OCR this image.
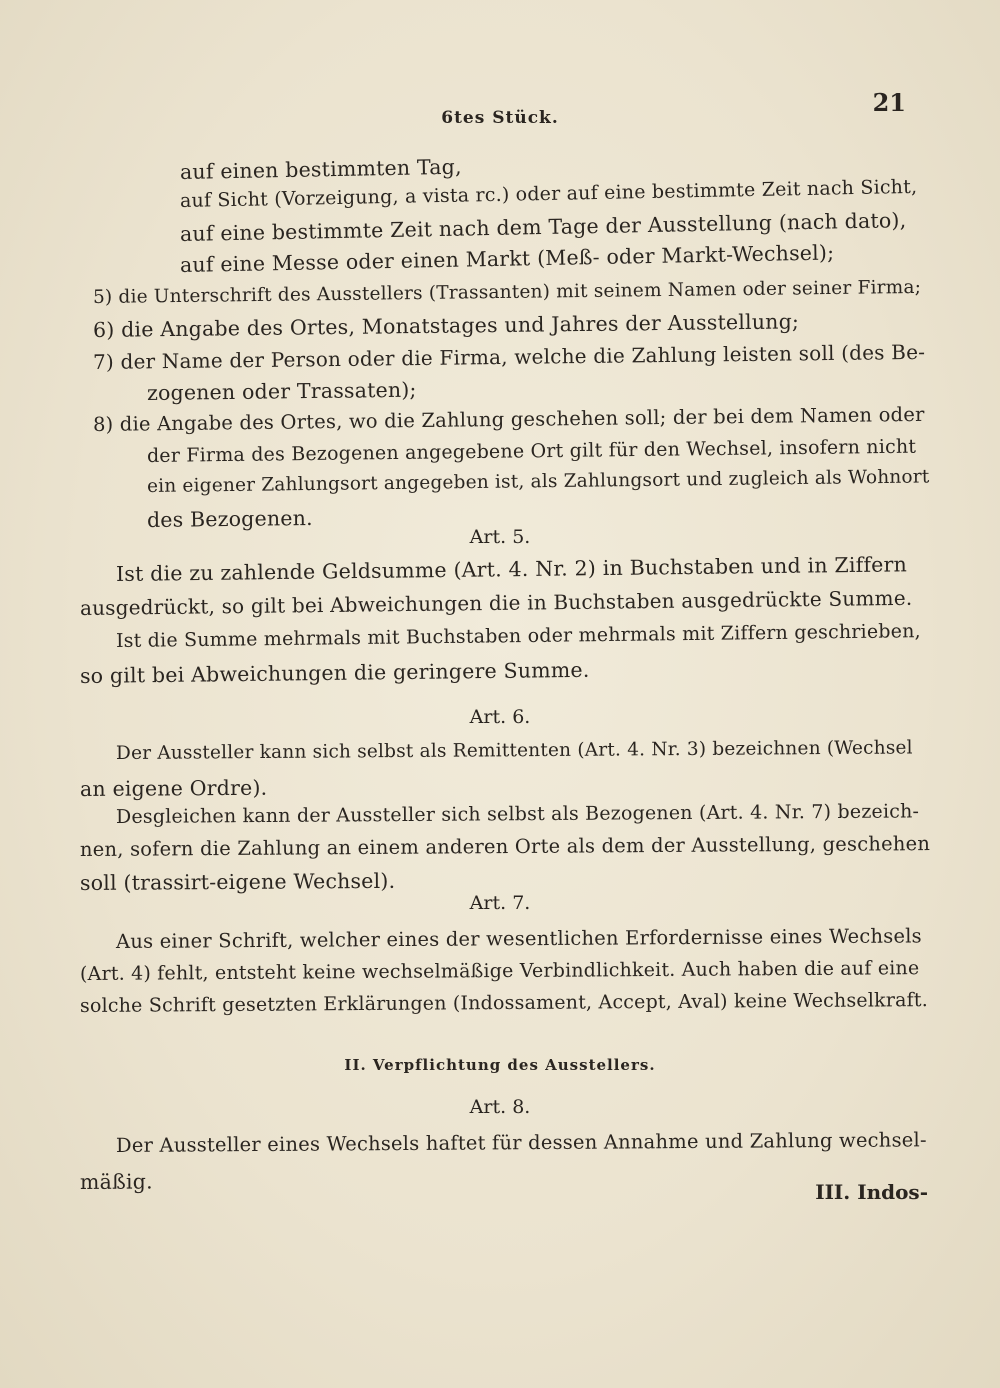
6tes Stück.
21
auf einen bestimmten Tag,
auf Sicht (Vorzeigung, a vista rc.) oder auf eine bestimmte Zeit nach Sicht,
auf eine bestimmte Zeit nach dem Tage der Ausstellung (nach dato),
auf eine Messe oder einen Markt (Meß- oder Markt-Wechsel);
5) die Unterschrift des Ausstellers (Trassanten) mit seinem Namen oder seiner Firma;
6) die Angabe des Ortes, Monatstages und Jahres der Ausstellung;
7) der Name der Person oder die Firma, welche die Zahlung leisten soll (des Be-
zogenen oder Trassaten);
8) die Angabe des Ortes, wo die Zahlung geschehen soll; der bei dem Namen oder
der Firma des Bezogenen angegebene Ort gilt für den Wechsel, insofern nicht
ein eigener Zahlungsort angegeben ist, als Zahlungsort und zugleich als Wohnort
des Bezogenen.
Art. 5.
Ist die zu zahlende Geldsumme (Art. 4. Nr. 2) in Buchstaben und in Ziffern
ausgedrückt, so gilt bei Abweichungen die in Buchstaben ausgedrückte Summe.
Ist die Summe mehrmals mit Buchstaben oder mehrmals mit Ziffern geschrieben,
so gilt bei Abweichungen die geringere Summe.
Art. 6.
Der Aussteller kann sich selbst als Remittenten (Art. 4. Nr. 3) bezeichnen (Wechsel
an eigene Ordre).
Desgleichen kann der Aussteller sich selbst als Bezogenen (Art. 4. Nr. 7) bezeich-
nen, sofern die Zahlung an einem anderen Orte als dem der Ausstellung, geschehen
soll (trassirt-eigene Wechsel).
Art. 7.
Aus einer Schrift, welcher eines der wesentlichen Erfordernisse eines Wechsels
(Art. 4) fehlt, entsteht keine wechselmäßige Verbindlichkeit. Auch haben die auf eine
solche Schrift gesetzten Erklärungen (Indossament, Accept, Aval) keine Wechselkraft.
II. Verpflichtung des Ausstellers.
Art. 8.
Der Aussteller eines Wechsels haftet für dessen Annahme und Zahlung wechsel-
mäßig.	III. Indos-
